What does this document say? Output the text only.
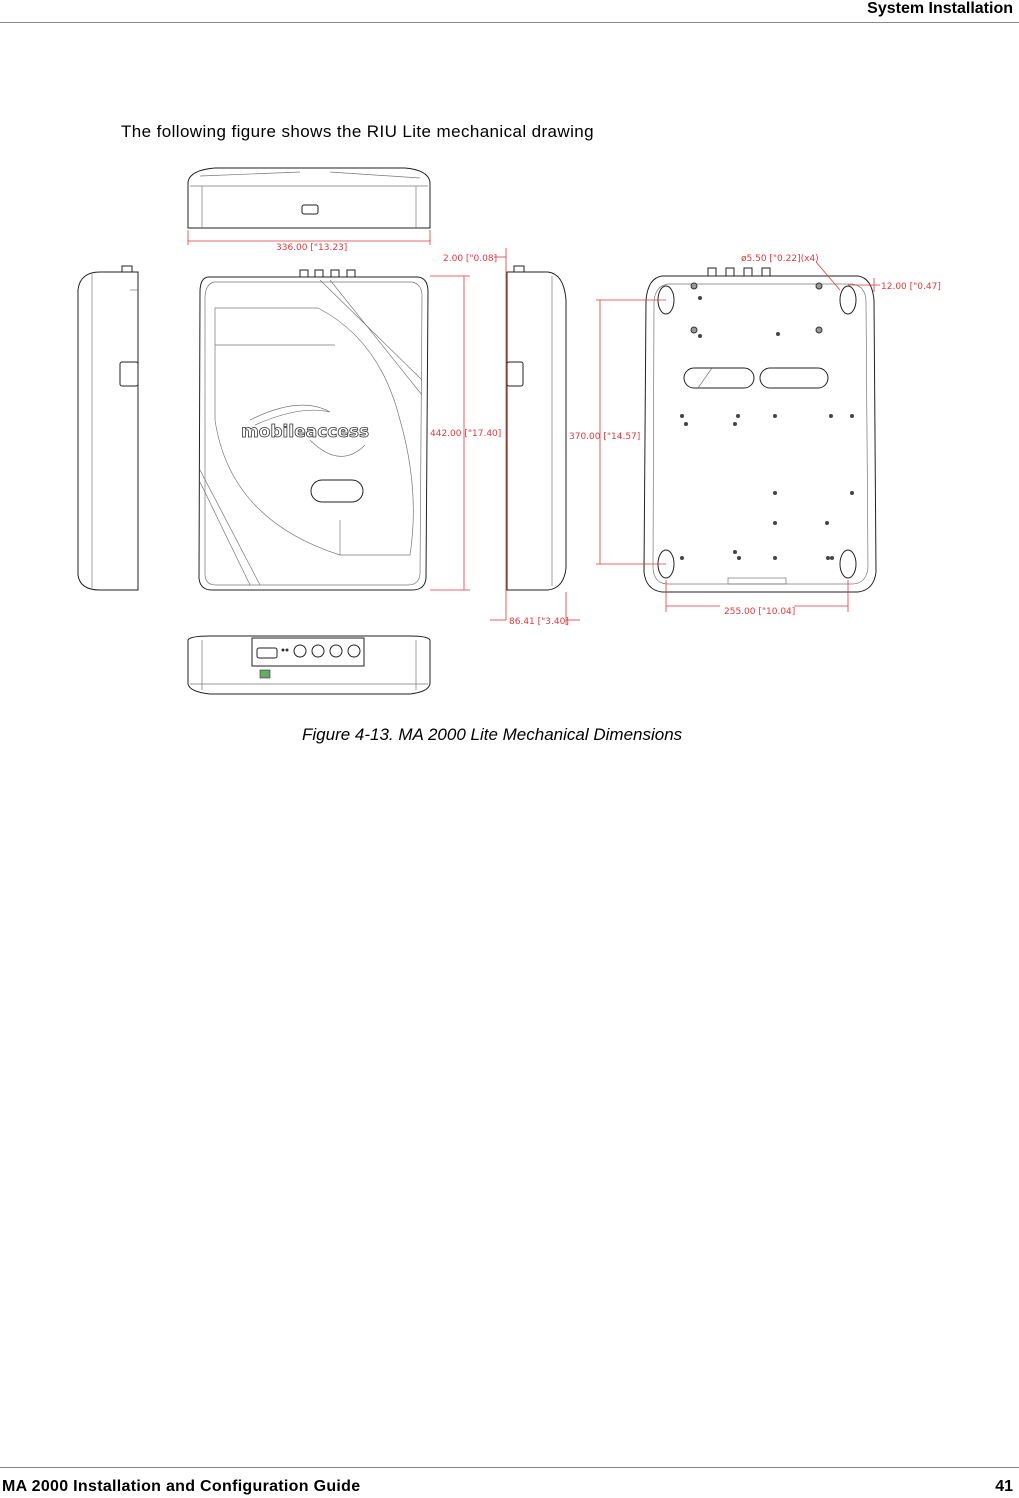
System Installation
The following figure shows the RIU Lite mechanical drawing
mobileaccess
336.00 ["13.23]
2.00 ["0.08]
442.00 ["17.40]
86.41 ["3.40]
370.00 ["14.57]
ø5.50 ["0.22](x4)
12.00 ["0.47]
255.00 ["10.04]
Figure 4-13. MA 2000 Lite Mechanical Dimensions
MA 2000 Installation and Configuration Guide	41
